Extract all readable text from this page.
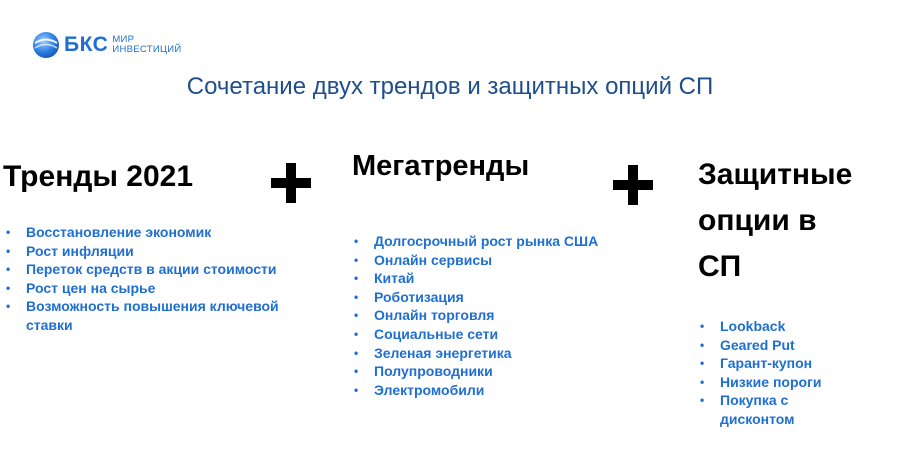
БКС МИР
ИНВЕСТИЦИЙ
Сочетание двух трендов и защитных опций СП
Тренды 2021
• Восстановление экономик
• Рост инфляции
• Переток средств в акции стоимости
• Рост цен на сырье
• Возможность повышения ключевой ставки
Мегатренды
• Долгосрочный рост рынка США
• Онлайн сервисы
• Китай
• Роботизация
• Онлайн торговля
• Социальные сети
• Зеленая энергетика
• Полупроводники
• Электромобили
Защитные
опции в
СП
• Lookback
• Geared Put
• Гарант-купон
• Низкие пороги
• Покупка с дисконтом
